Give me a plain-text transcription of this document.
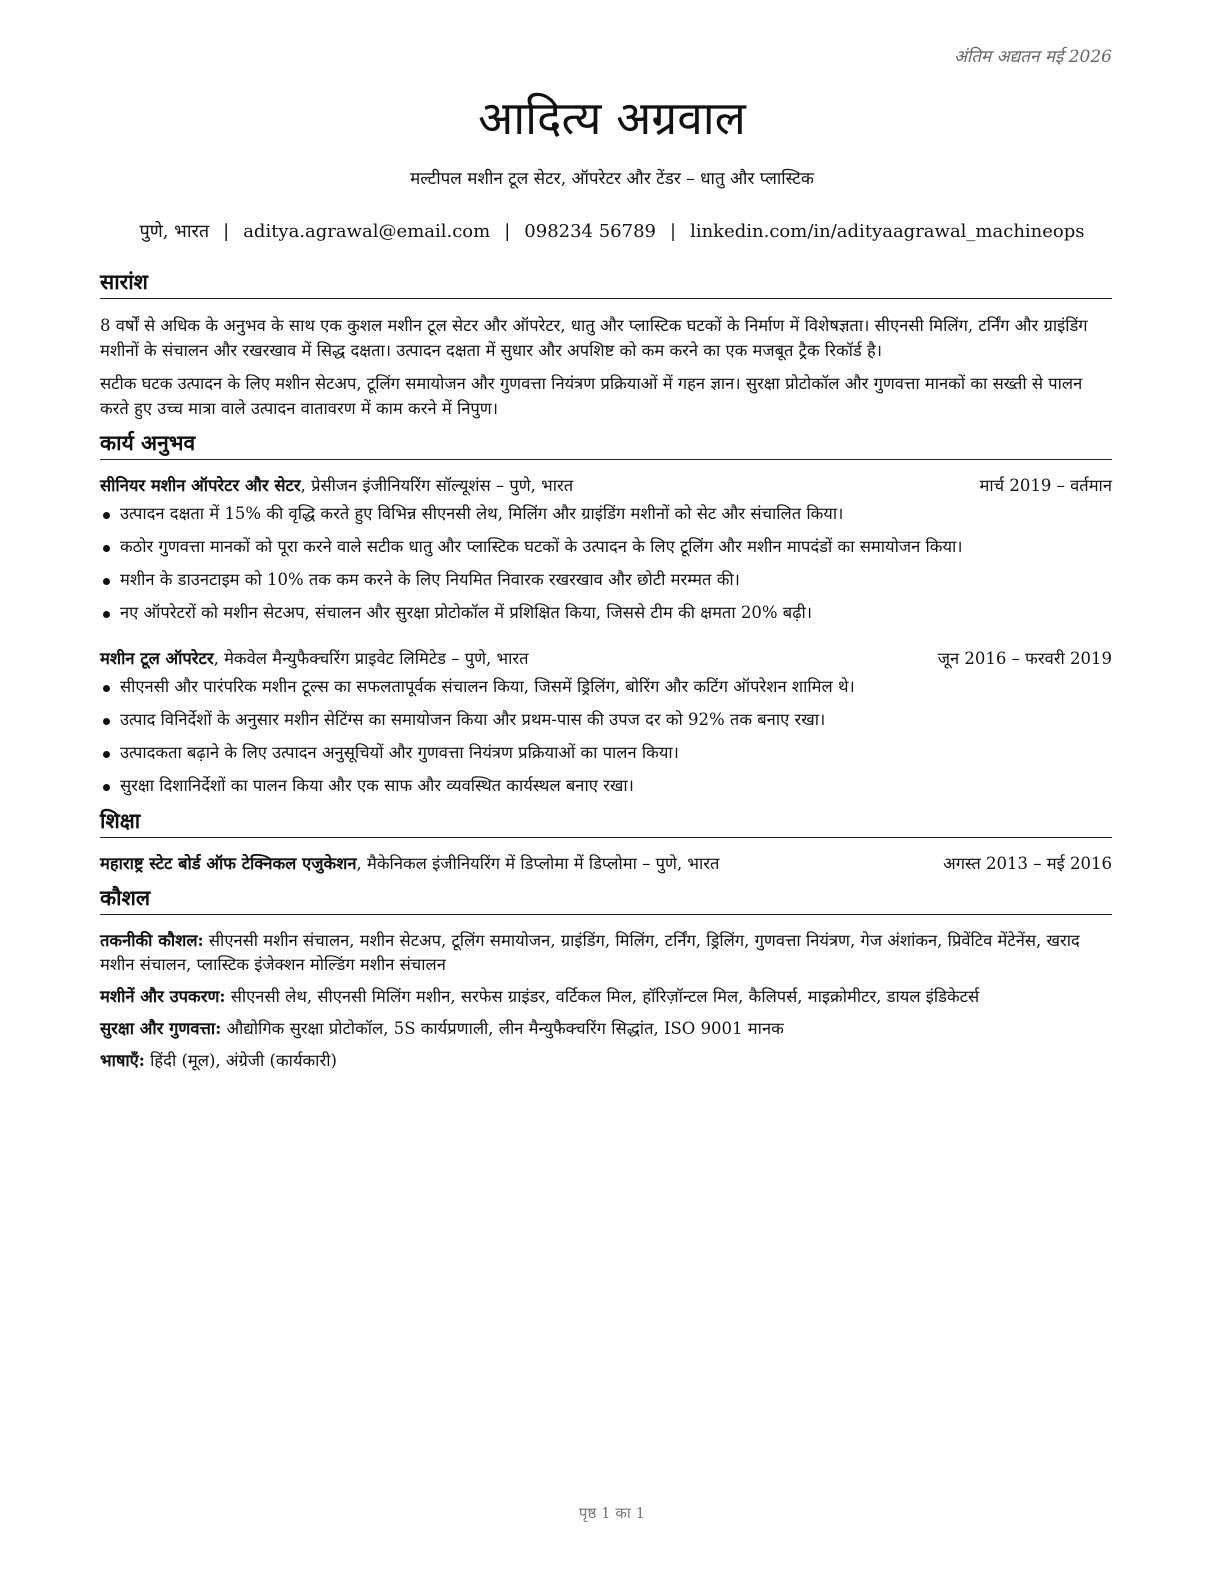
अंतिम अद्यतन मई 2026
आदित्य अग्रवाल
मल्टीपल मशीन टूल सेटर, ऑपरेटर और टेंडर – धातु और प्लास्टिक
पुणे, भारत | aditya.agrawal@email.com | 098234 56789 | linkedin.com/in/adityaagrawal_machineops
सारांश

8 वर्षों से अधिक के अनुभव के साथ एक कुशल मशीन टूल सेटर और ऑपरेटर, धातु और प्लास्टिक घटकों के निर्माण में विशेषज्ञता। सीएनसी मिलिंग, टर्निंग और ग्राइंडिंग मशीनों के संचालन और रखरखाव में सिद्ध दक्षता। उत्पादन दक्षता में सुधार और अपशिष्ट को कम करने का एक मजबूत ट्रैक रिकॉर्ड है।

सटीक घटक उत्पादन के लिए मशीन सेटअप, टूलिंग समायोजन और गुणवत्ता नियंत्रण प्रक्रियाओं में गहन ज्ञान। सुरक्षा प्रोटोकॉल और गुणवत्ता मानकों का सख्ती से पालन करते हुए उच्च मात्रा वाले उत्पादन वातावरण में काम करने में निपुण।

कार्य अनुभव
सीनियर मशीन ऑपरेटर और सेटर, प्रेसीजन इंजीनियरिंग सॉल्यूशंस – पुणे, भारत	मार्च 2019 – वर्तमान
उत्पादन दक्षता में 15% की वृद्धि करते हुए विभिन्न सीएनसी लेथ, मिलिंग और ग्राइंडिंग मशीनों को सेट और संचालित किया।
कठोर गुणवत्ता मानकों को पूरा करने वाले सटीक धातु और प्लास्टिक घटकों के उत्पादन के लिए टूलिंग और मशीन मापदंडों का समायोजन किया।
मशीन के डाउनटाइम को 10% तक कम करने के लिए नियमित निवारक रखरखाव और छोटी मरम्मत की।
नए ऑपरेटरों को मशीन सेटअप, संचालन और सुरक्षा प्रोटोकॉल में प्रशिक्षित किया, जिससे टीम की क्षमता 20% बढ़ी।
मशीन टूल ऑपरेटर, मेकवेल मैन्युफैक्चरिंग प्राइवेट लिमिटेड – पुणे, भारत	जून 2016 – फरवरी 2019
सीएनसी और पारंपरिक मशीन टूल्स का सफलतापूर्वक संचालन किया, जिसमें ड्रिलिंग, बोरिंग और कटिंग ऑपरेशन शामिल थे।
उत्पाद विनिर्देशों के अनुसार मशीन सेटिंग्स का समायोजन किया और प्रथम-पास की उपज दर को 92% तक बनाए रखा।
उत्पादकता बढ़ाने के लिए उत्पादन अनुसूचियों और गुणवत्ता नियंत्रण प्रक्रियाओं का पालन किया।
सुरक्षा दिशानिर्देशों का पालन किया और एक साफ और व्यवस्थित कार्यस्थल बनाए रखा।
शिक्षा
महाराष्ट्र स्टेट बोर्ड ऑफ टेक्निकल एजुकेशन, मैकेनिकल इंजीनियरिंग में डिप्लोमा में डिप्लोमा – पुणे, भारत	अगस्त 2013 – मई 2016
कौशल
तकनीकी कौशल: सीएनसी मशीन संचालन, मशीन सेटअप, टूलिंग समायोजन, ग्राइंडिंग, मिलिंग, टर्निंग, ड्रिलिंग, गुणवत्ता नियंत्रण, गेज अंशांकन, प्रिवेंटिव मेंटेनेंस, खराद मशीन संचालन, प्लास्टिक इंजेक्शन मोल्डिंग मशीन संचालन
मशीनें और उपकरण: सीएनसी लेथ, सीएनसी मिलिंग मशीन, सरफेस ग्राइंडर, वर्टिकल मिल, हॉरिज़ॉन्टल मिल, कैलिपर्स, माइक्रोमीटर, डायल इंडिकेटर्स
सुरक्षा और गुणवत्ता: औद्योगिक सुरक्षा प्रोटोकॉल, 5S कार्यप्रणाली, लीन मैन्युफैक्चरिंग सिद्धांत, ISO 9001 मानक
भाषाएँ: हिंदी (मूल), अंग्रेजी (कार्यकारी)
पृष्ठ 1 का 1
